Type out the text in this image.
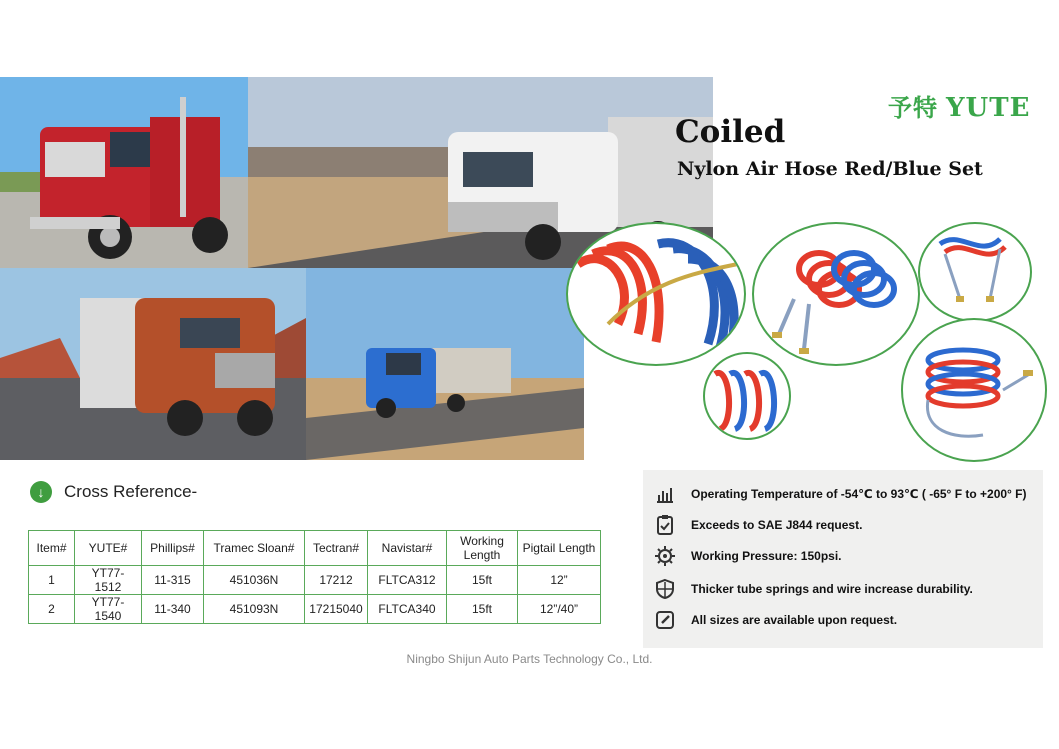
予特 YUTE
Coiled
Nylon Air Hose Red/Blue Set
↓	Cross Reference-
Item#	YUTE#	Phillips#	Tramec Sloan#	Tectran#	Navistar#	Working Length	Pigtail Length
1	YT77-1512	11-315	451036N	17212	FLTCA312	15ft	12”
2	YT77-1540	11-340	451093N	17215040	FLTCA340	15ft	12”/40”
Operating Temperature of -54℃ to 93℃ ( -65° F to +200° F)
Exceeds to SAE J844 request.
Working Pressure: 150psi.
Thicker tube springs and wire increase durability.
All sizes are available upon request.
Ningbo Shijun Auto Parts Technology Co., Ltd.
